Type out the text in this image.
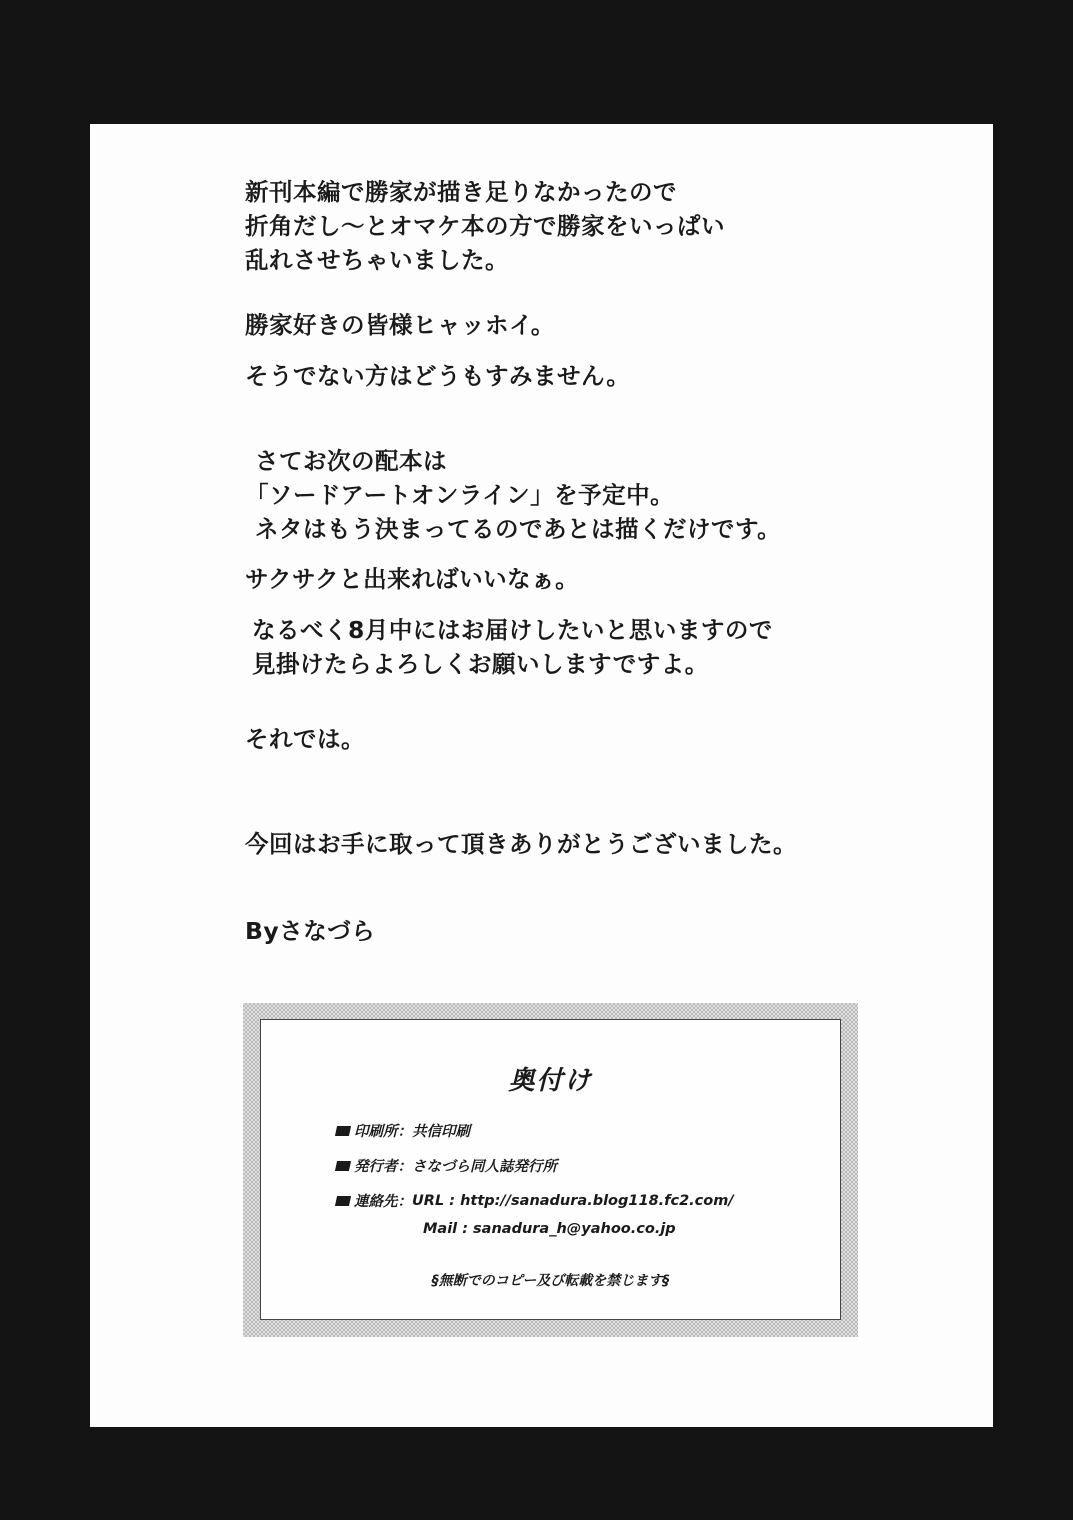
新刊本編で勝家が描き足りなかったので
折角だし～とオマケ本の方で勝家をいっぱい
乱れさせちゃいました。

勝家好きの皆様ヒャッホイ。

そうでない方はどうもすみません。

さてお次の配本は
「ソードアートオンライン」を予定中。
ネタはもう決まってるのであとは描くだけです。

サクサクと出来ればいいなぁ。

なるべく8月中にはお届けしたいと思いますので
見掛けたらよろしくお願いしますですよ。

それでは。

今回はお手に取って頂きありがとうございました。

Byさなづら

奥付け
印刷所： 共信印刷
発行者： さなづら同人誌発行所
連絡先： URL : http://sanadura.blog118.fc2.com/
Mail : sanadura_h@yahoo.co.jp
§無断でのコピー及び転載を禁じます§
